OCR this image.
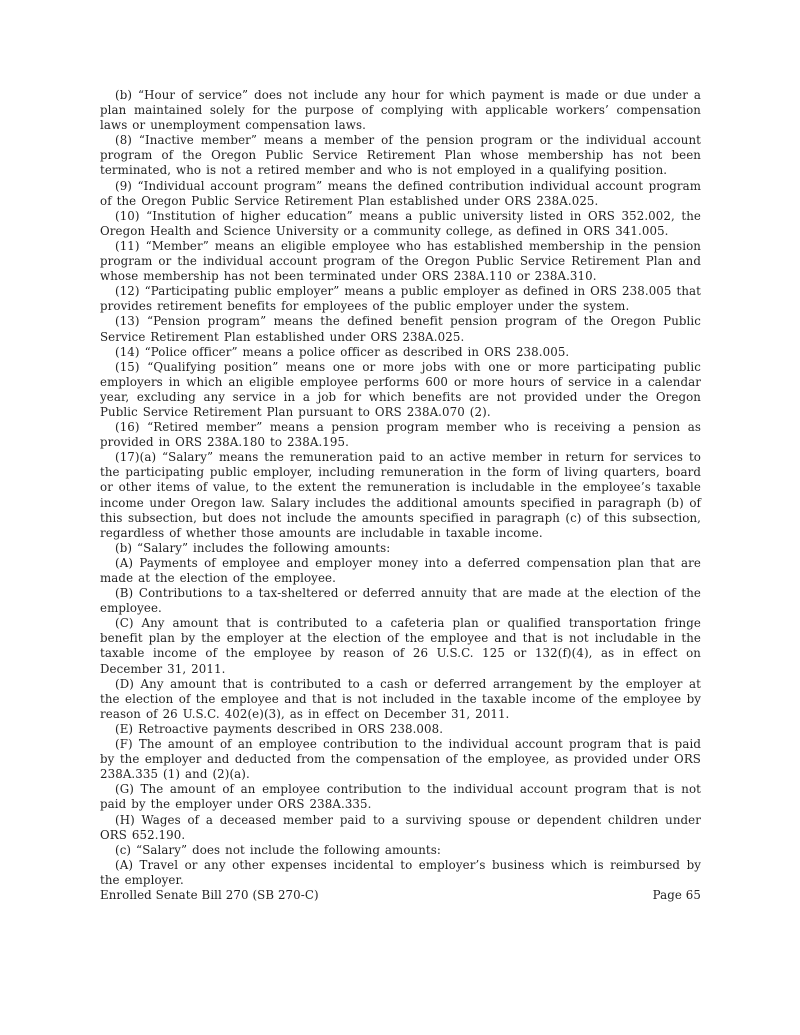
(b) “Hour of service” does not include any hour for which payment is made or due under a plan maintained solely for the purpose of complying with applicable workers’ compensation laws or unemployment compensation laws.

(8) “Inactive member” means a member of the pension program or the individual account program of the Oregon Public Service Retirement Plan whose membership has not been terminated, who is not a retired member and who is not employed in a qualifying position.

(9) “Individual account program” means the defined contribution individual account program of the Oregon Public Service Retirement Plan established under ORS 238A.025.

(10) “Institution of higher education” means a public university listed in ORS 352.002, the Oregon Health and Science University or a community college, as defined in ORS 341.005.

(11) “Member” means an eligible employee who has established membership in the pension program or the individual account program of the Oregon Public Service Retirement Plan and whose membership has not been terminated under ORS 238A.110 or 238A.310.

(12) “Participating public employer” means a public employer as defined in ORS 238.005 that provides retirement benefits for employees of the public employer under the system.

(13) “Pension program” means the defined benefit pension program of the Oregon Public Service Retirement Plan established under ORS 238A.025.

(14) “Police officer” means a police officer as described in ORS 238.005.

(15) “Qualifying position” means one or more jobs with one or more participating public employers in which an eligible employee performs 600 or more hours of service in a calendar year, excluding any service in a job for which benefits are not provided under the Oregon Public Service Retirement Plan pursuant to ORS 238A.070 (2).

(16) “Retired member” means a pension program member who is receiving a pension as provided in ORS 238A.180 to 238A.195.

(17)(a) “Salary” means the remuneration paid to an active member in return for services to the participating public employer, including remuneration in the form of living quarters, board or other items of value, to the extent the remuneration is includable in the employee’s taxable income under Oregon law. Salary includes the additional amounts specified in paragraph (b) of this subsection, but does not include the amounts specified in paragraph (c) of this subsection, regardless of whether those amounts are includable in taxable income.

(b) “Salary” includes the following amounts:

(A) Payments of employee and employer money into a deferred compensation plan that are made at the election of the employee.

(B) Contributions to a tax-sheltered or deferred annuity that are made at the election of the employee.

(C) Any amount that is contributed to a cafeteria plan or qualified transportation fringe benefit plan by the employer at the election of the employee and that is not includable in the taxable income of the employee by reason of 26 U.S.C. 125 or 132(f)(4), as in effect on December 31, 2011.

(D) Any amount that is contributed to a cash or deferred arrangement by the employer at the election of the employee and that is not included in the taxable income of the employee by reason of 26 U.S.C. 402(e)(3), as in effect on December 31, 2011.

(E) Retroactive payments described in ORS 238.008.

(F) The amount of an employee contribution to the individual account program that is paid by the employer and deducted from the compensation of the employee, as provided under ORS 238A.335 (1) and (2)(a).

(G) The amount of an employee contribution to the individual account program that is not paid by the employer under ORS 238A.335.

(H) Wages of a deceased member paid to a surviving spouse or dependent children under ORS 652.190.

(c) “Salary” does not include the following amounts:

(A) Travel or any other expenses incidental to employer’s business which is reimbursed by the employer.

Enrolled Senate Bill 270 (SB 270-C)	Page 65
